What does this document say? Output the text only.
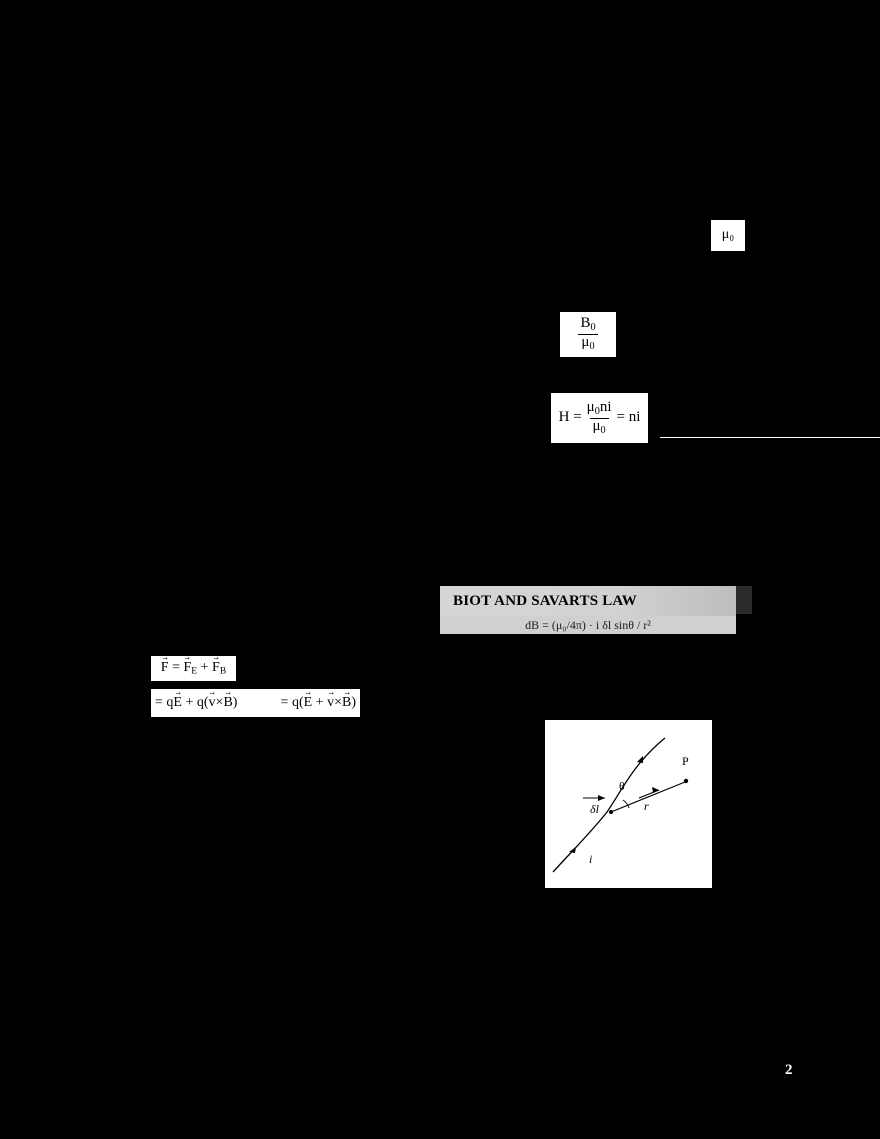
μ₀
$\frac{B_0}{\mu_0}$
$H = \frac{\mu_0ni}{\mu_0}$ = ni
BIOT AND SAVARTS LAW
dB = (μ₀/4π) · i δl sinθ / r²
F → = $F \to_E + F \to_B$
= qE → + q(v →×B →)	= q(E → + v →×B →)
P
δl
θ
r
i
2
